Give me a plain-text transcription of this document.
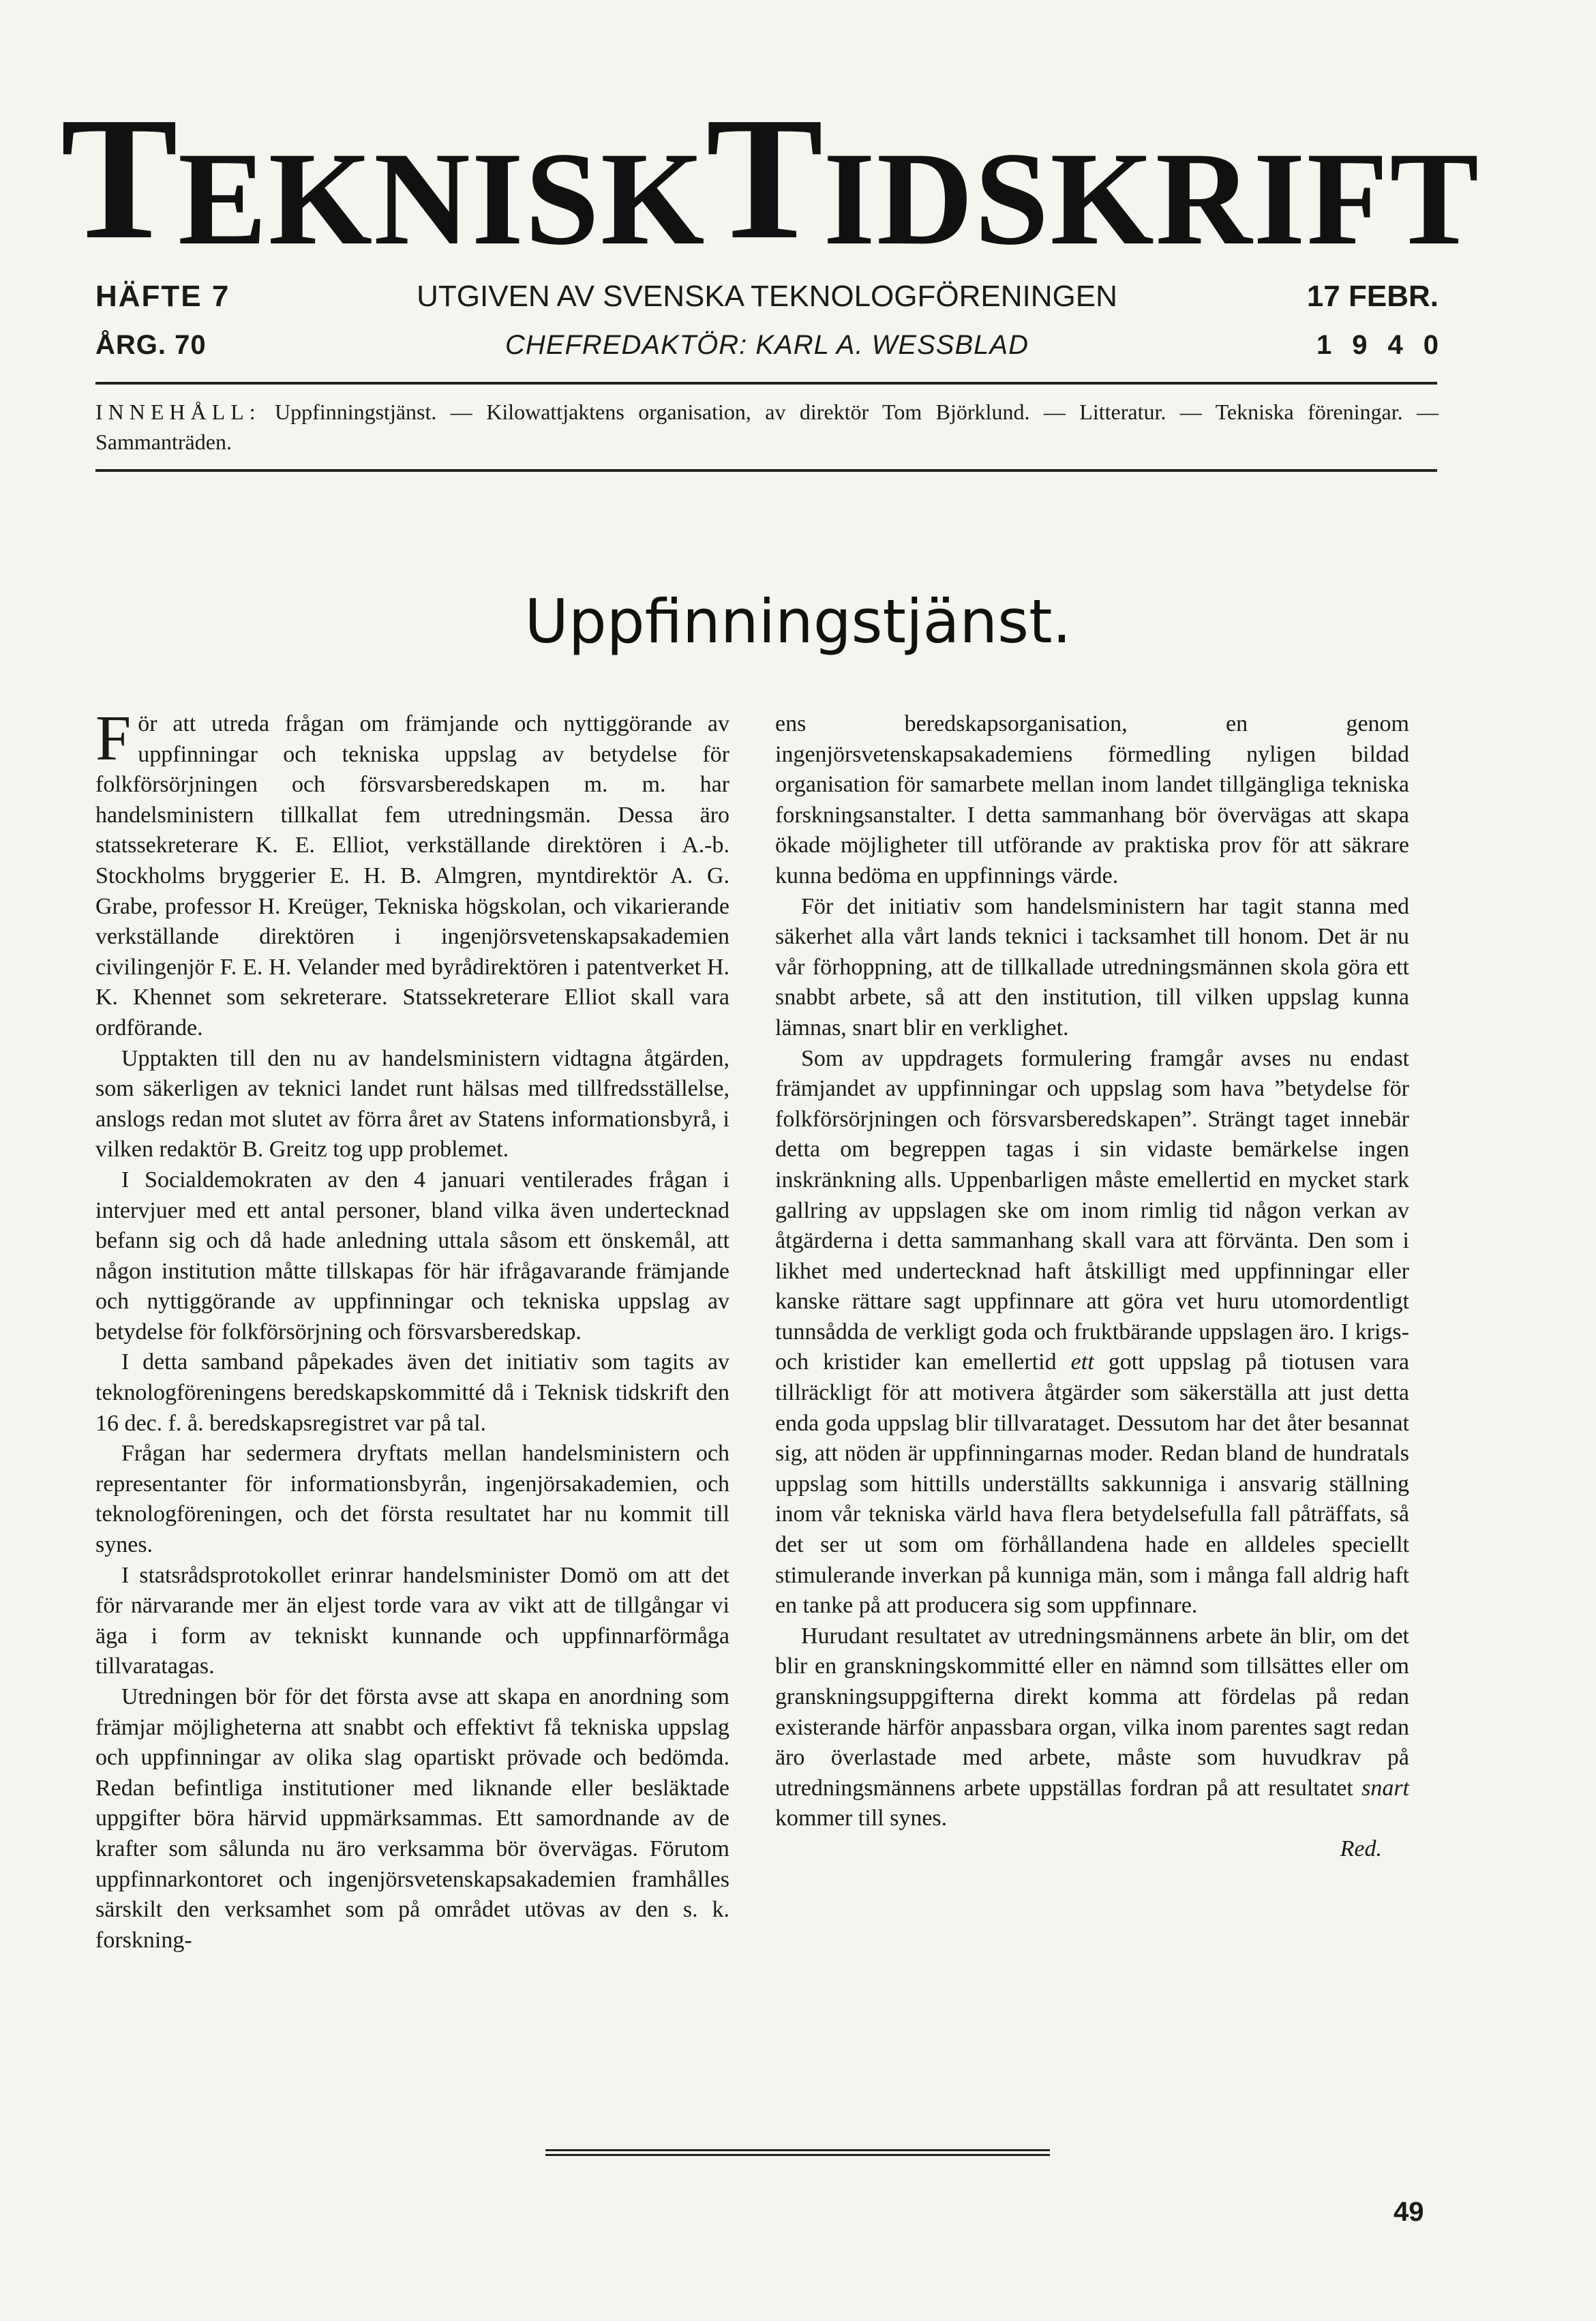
T EKNISK T IDSKRIFT
HÄFTE 7	UTGIVEN AV SVENSKA TEKNOLOGFÖRENINGEN	17 FEBR.
ÅRG. 70	CHEFREDAKTÖR: KARL A. WESSBLAD	1940
INNEHÅLL: Uppfinningstjänst. — Kilowattjaktens organisation, av direktör Tom Björklund. — Litteratur. — Tekniska föreningar. — Sammanträden.
Uppfinningstjänst.

För att utreda frågan om främjande och nyttiggörande av uppfinningar och tekniska uppslag av betydelse för folkförsörjningen och försvarsberedskapen m. m. har handelsministern tillkallat fem utredningsmän. Dessa äro statssekreterare K. E. Elliot, verkställande direktören i A.-b. Stockholms bryggerier E. H. B. Almgren, myntdirektör A. G. Grabe, professor H. Kreüger, Tekniska högskolan, och vikarierande verkställande direktören i ingenjörsvetenskapsakademien civilingenjör F. E. H. Velander med byrådirektören i patentverket H. K. Khennet som sekreterare. Statssekreterare Elliot skall vara ordförande.

Upptakten till den nu av handelsministern vidtagna åtgärden, som säkerligen av teknici landet runt hälsas med tillfredsställelse, anslogs redan mot slutet av förra året av Statens informationsbyrå, i vilken redaktör B. Greitz tog upp problemet.

I Socialdemokraten av den 4 januari ventilerades frågan i intervjuer med ett antal personer, bland vilka även undertecknad befann sig och då hade anledning uttala såsom ett önskemål, att någon institution måtte tillskapas för här ifrågavarande främjande och nyttiggörande av uppfinningar och tekniska uppslag av betydelse för folkförsörjning och försvarsberedskap.

I detta samband påpekades även det initiativ som tagits av teknologföreningens beredskapskommitté då i Teknisk tidskrift den 16 dec. f. å. beredskapsregistret var på tal.

Frågan har sedermera dryftats mellan handelsministern och representanter för informationsbyrån, ingenjörsakademien, och teknologföreningen, och det första resultatet har nu kommit till synes.

I statsrådsprotokollet erinrar handelsminister Domö om att det för närvarande mer än eljest torde vara av vikt att de tillgångar vi äga i form av tekniskt kunnande och uppfinnarförmåga tillvaratagas.

Utredningen bör för det första avse att skapa en anordning som främjar möjligheterna att snabbt och effektivt få tekniska uppslag och uppfinningar av olika slag opartiskt prövade och bedömda. Redan befintliga institutioner med liknande eller besläktade uppgifter böra härvid uppmärksammas. Ett samordnande av de krafter som sålunda nu äro verksamma bör övervägas. Förutom uppfinnarkontoret och ingenjörsvetenskapsakademien framhålles särskilt den verksamhet som på området utövas av den s. k. forskning-

ens beredskapsorganisation, en genom ingenjörsvetenskapsakademiens förmedling nyligen bildad organisation för samarbete mellan inom landet tillgängliga tekniska forskningsanstalter. I detta sammanhang bör övervägas att skapa ökade möjligheter till utförande av praktiska prov för att säkrare kunna bedöma en uppfinnings värde.

För det initiativ som handelsministern har tagit stanna med säkerhet alla vårt lands teknici i tacksamhet till honom. Det är nu vår förhoppning, att de tillkallade utredningsmännen skola göra ett snabbt arbete, så att den institution, till vilken uppslag kunna lämnas, snart blir en verklighet.

Som av uppdragets formulering framgår avses nu endast främjandet av uppfinningar och uppslag som hava ”betydelse för folkförsörjningen och försvarsberedskapen”. Strängt taget innebär detta om begreppen tagas i sin vidaste bemärkelse ingen inskränkning alls. Uppenbarligen måste emellertid en mycket stark gallring av uppslagen ske om inom rimlig tid någon verkan av åtgärderna i detta sammanhang skall vara att förvänta. Den som i likhet med undertecknad haft åtskilligt med uppfinningar eller kanske rättare sagt uppfinnare att göra vet huru utomordentligt tunnsådda de verkligt goda och fruktbärande uppslagen äro. I krigs- och kristider kan emellertid ett gott uppslag på tiotusen vara tillräckligt för att motivera åtgärder som säkerställa att just detta enda goda uppslag blir tillvarataget. Dessutom har det åter besannat sig, att nöden är uppfinningarnas moder. Redan bland de hundratals uppslag som hittills underställts sakkunniga i ansvarig ställning inom vår tekniska värld hava flera betydelsefulla fall påträffats, så det ser ut som om förhållandena hade en alldeles speciellt stimulerande inverkan på kunniga män, som i många fall aldrig haft en tanke på att producera sig som uppfinnare.

Hurudant resultatet av utredningsmännens arbete än blir, om det blir en granskningskommitté eller en nämnd som tillsättes eller om granskningsuppgifterna direkt komma att fördelas på redan existerande härför anpassbara organ, vilka inom parentes sagt redan äro överlastade med arbete, måste som huvudkrav på utredningsmännens arbete uppställas fordran på att resultatet snart kommer till synes.

Red.

49
